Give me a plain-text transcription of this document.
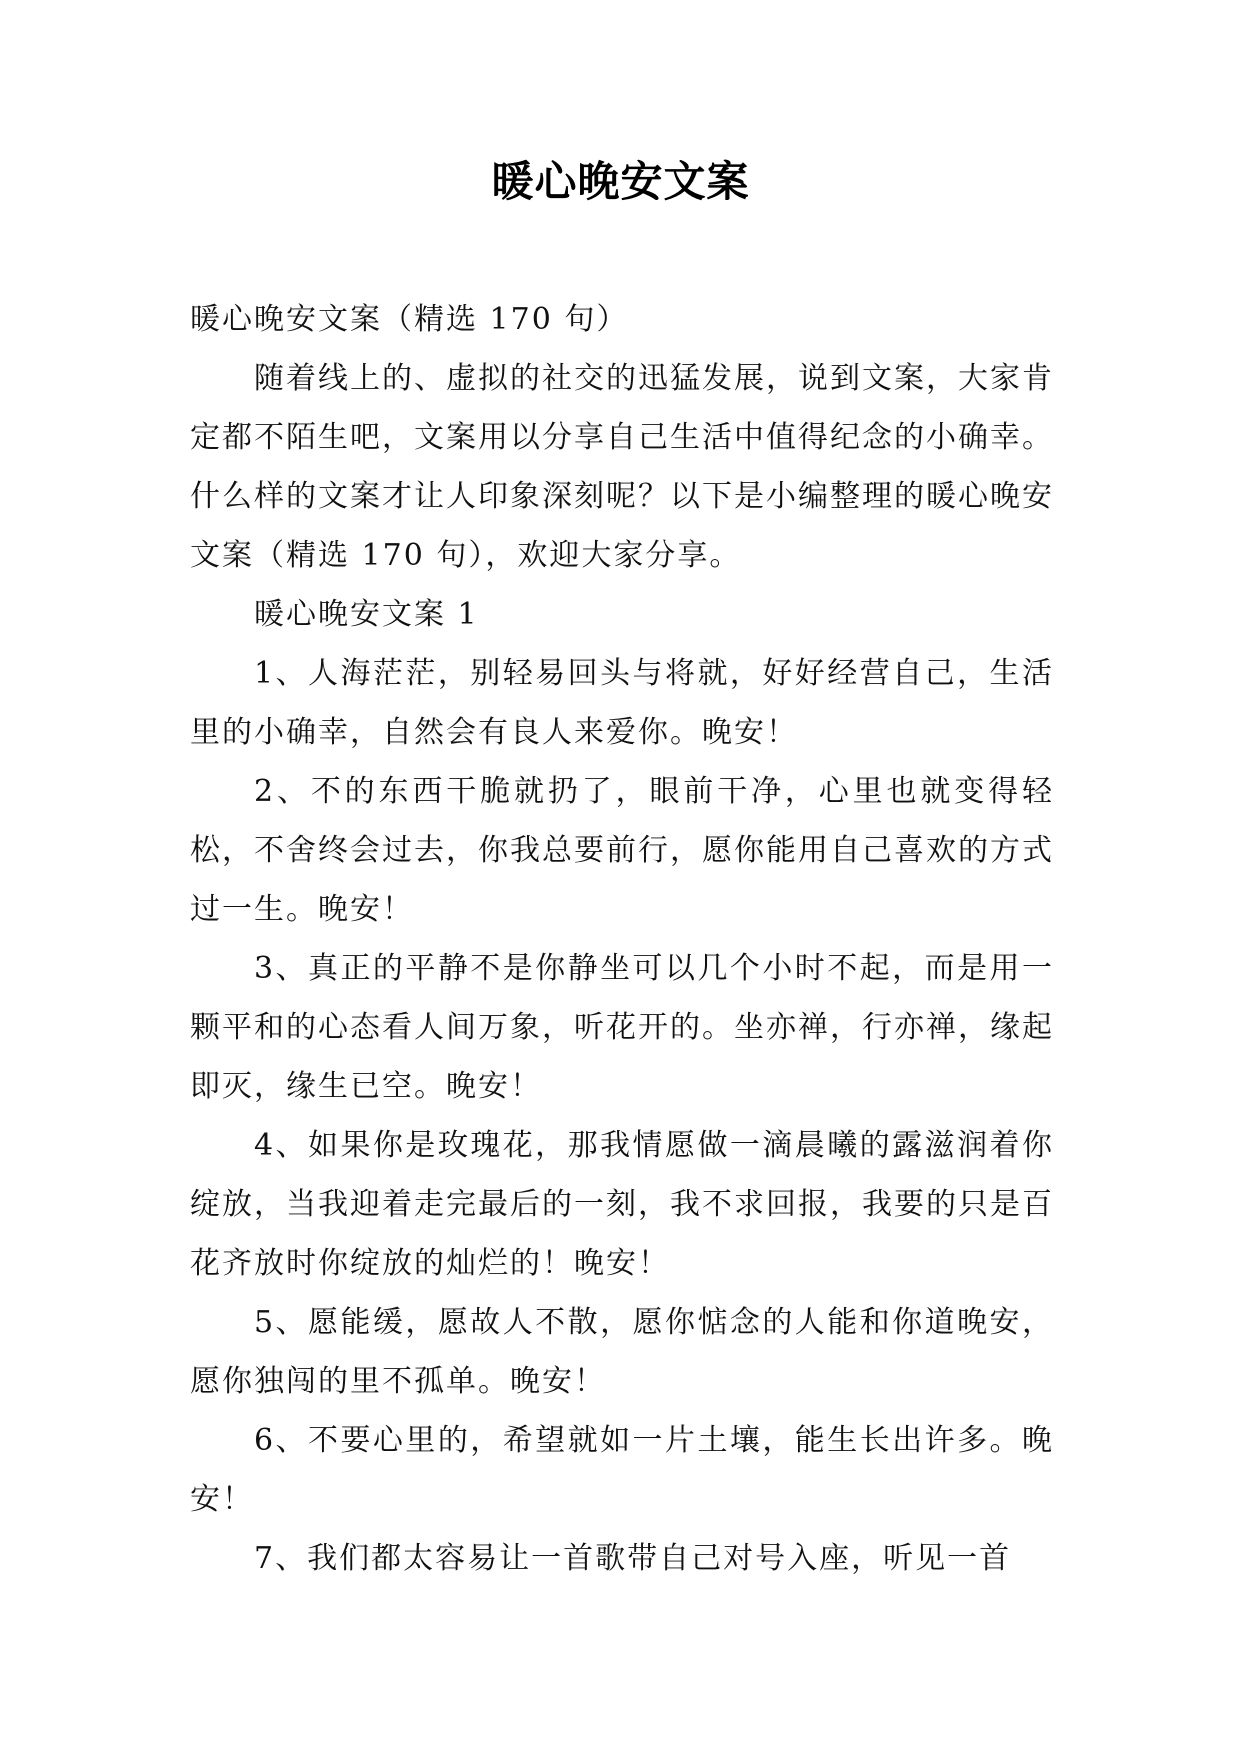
暖心晚安文案

暖心晚安文案（精选 170 句）

随着线上的、虚拟的社交的迅猛发展，说到文案，大家肯定都不陌生吧，文案用以分享自己生活中值得纪念的小确幸。什么样的文案才让人印象深刻呢？以下是小编整理的暖心晚安文案（精选 170 句），欢迎大家分享。

暖心晚安文案 1

1、人海茫茫，别轻易回头与将就，好好经营自己，生活里的小确幸，自然会有良人来爱你。晚安！

2、不的东西干脆就扔了，眼前干净，心里也就变得轻松，不舍终会过去，你我总要前行，愿你能用自己喜欢的方式过一生。晚安！

3、真正的平静不是你静坐可以几个小时不起，而是用一颗平和的心态看人间万象，听花开的。坐亦禅，行亦禅，缘起即灭，缘生已空。晚安！

4、如果你是玫瑰花，那我情愿做一滴晨曦的露滋润着你绽放，当我迎着走完最后的一刻，我不求回报，我要的只是百花齐放时你绽放的灿烂的！晚安！

5、愿能缓，愿故人不散，愿你惦念的人能和你道晚安，愿你独闯的里不孤单。晚安！

6、不要心里的，希望就如一片土壤，能生长出许多。晚安！

7、我们都太容易让一首歌带自己对号入座，听见一首
